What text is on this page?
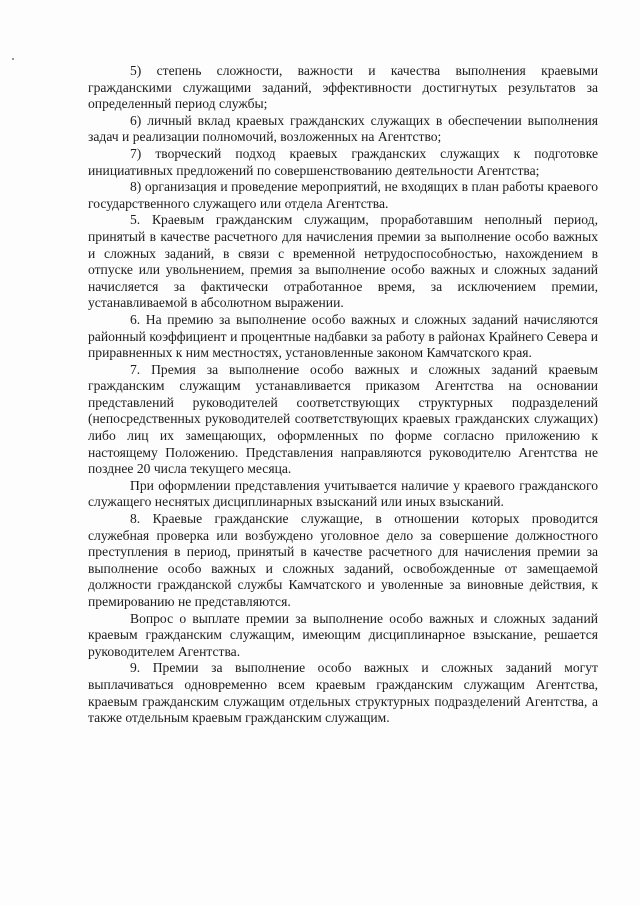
5) степень сложности, важности и качества выполнения краевыми гражданскими служащими заданий, эффективности достигнутых результатов за определенный период службы;

6) личный вклад краевых гражданских служащих в обеспечении выполнения задач и реализации полномочий, возложенных на Агентство;

7) творческий подход краевых гражданских служащих к подготовке инициативных предложений по совершенствованию деятельности Агентства;

8) организация и проведение мероприятий, не входящих в план работы краевого государственного служащего или отдела Агентства.

5. Краевым гражданским служащим, проработавшим неполный период, принятый в качестве расчетного для начисления премии за выполнение особо важных и сложных заданий, в связи с временной нетрудоспособностью, нахождением в отпуске или увольнением, премия за выполнение особо важных и сложных заданий начисляется за фактически отработанное время, за исключением премии, устанавливаемой в абсолютном выражении.

6. На премию за выполнение особо важных и сложных заданий начисляются районный коэффициент и процентные надбавки за работу в районах Крайнего Севера и приравненных к ним местностях, установленные законом Камчатского края.

7. Премия за выполнение особо важных и сложных заданий краевым гражданским служащим устанавливается приказом Агентства на основании представлений руководителей соответствующих структурных подразделений (непосредственных руководителей соответствующих краевых гражданских служащих) либо лиц их замещающих, оформленных по форме согласно приложению к настоящему Положению. Представления направляются руководителю Агентства не позднее 20 числа текущего месяца.

При оформлении представления учитывается наличие у краевого гражданского служащего неснятых дисциплинарных взысканий или иных взысканий.

8. Краевые гражданские служащие, в отношении которых проводится служебная проверка или возбуждено уголовное дело за совершение должностного преступления в период, принятый в качестве расчетного для начисления премии за выполнение особо важных и сложных заданий, освобожденные от замещаемой должности гражданской службы Камчатского и уволенные за виновные действия, к премированию не представляются.

Вопрос о выплате премии за выполнение особо важных и сложных заданий краевым гражданским служащим, имеющим дисциплинарное взыскание, решается руководителем Агентства.

9. Премии за выполнение особо важных и сложных заданий могут выплачиваться одновременно всем краевым гражданским служащим Агентства, краевым гражданским служащим отдельных структурных подразделений Агентства, а также отдельным краевым гражданским служащим.
